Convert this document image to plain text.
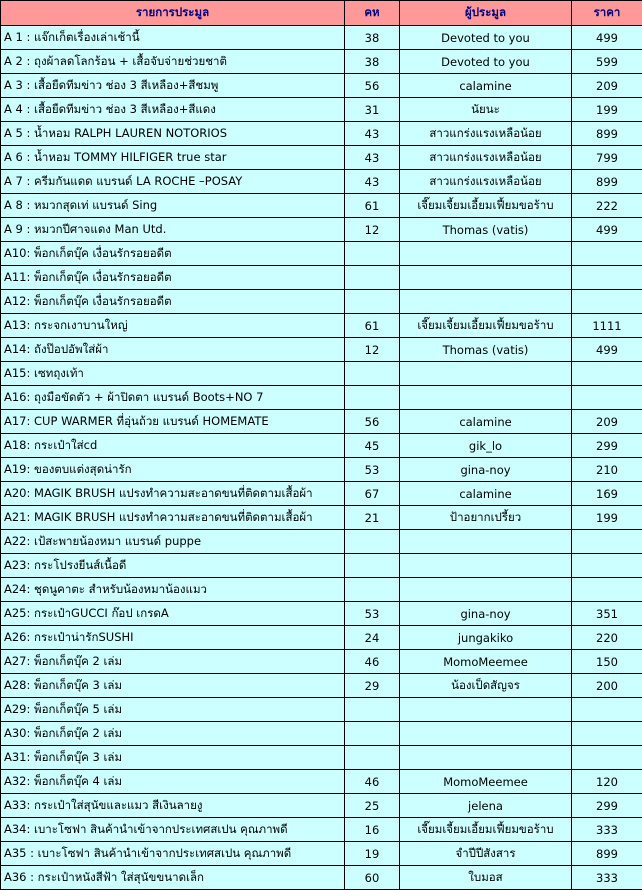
รายการประมูล	คห	ผู้ประมูล	ราคา
A 1 : แจ๊กเก็ตเรื่องเล่าเช้านี้	38	Devoted to you	499
A 2 : ถุงผ้าลดโลกร้อน + เสื้อจับจ่ายช่วยชาติ	38	Devoted to you	599
A 3 : เสื้อยืดทีมข่าว ช่อง 3 สีเหลือง+สีชมพู	56	calamine	209
A 4 : เสื้อยืดทีมข่าว ช่อง 3 สีเหลือง+สีแดง	31	นัยนะ	199
A 5 : น้ำหอม RALPH LAUREN NOTORIOS	43	สาวแกร่งแรงเหลือน้อย	899
A 6 : น้ำหอม TOMMY HILFIGER true star	43	สาวแกร่งแรงเหลือน้อย	799
A 7 : ครีมกันแดด แบรนด์ LA ROCHE –POSAY	43	สาวแกร่งแรงเหลือน้อย	899
A 8 : หมวกสุดเท่ แบรนด์ Sing	61	เจี๊ยมเจี้ยมเอี้ยมเฟี้ยมขอร้าบ	222
A 9 : หมวกปีศาจแดง Man Utd.	12	Thomas (vatis)	499
A10: พ็อกเก็ตบุ๊ค เงื่อนรักรอยอดีต			
A11: พ็อกเก็ตบุ๊ค เงื่อนรักรอยอดีต			
A12: พ็อกเก็ตบุ๊ค เงื่อนรักรอยอดีต			
A13: กระจกเงาบานใหญ่	61	เจี๊ยมเจี้ยมเอี้ยมเฟี้ยมขอร้าบ	1111
A14: ถังป๊อปอัพใส่ผ้า	12	Thomas (vatis)	499
A15: เซทถุงเท้า			
A16: ถุงมือขัดตัว + ผ้าปิดตา แบรนด์ Boots+NO 7			
A17: CUP WARMER ที่อุ่นถ้วย แบรนด์ HOMEMATE	56	calamine	209
A18: กระเป๋าใส่cd	45	gik_lo	299
A19: ของตบแต่งสุดน่ารัก	53	gina-noy	210
A20: MAGIK BRUSH แปรงทำความสะอาดขนที่ติดตามเสื้อผ้า	67	calamine	169
A21: MAGIK BRUSH แปรงทำความสะอาดขนที่ติดตามเสื้อผ้า	21	ป้าอยากเปรี้ยว	199
A22: เป้สะพายน้องหมา แบรนด์ puppe			
A23: กระโปรงยีนส์เนื้อดี			
A24: ชุดนูคาตะ สำหรับน้องหมาน้องแมว			
A25: กระเป๋าGUCCI ก๊อป เกรดA	53	gina-noy	351
A26: กระเป๋าน่ารักSUSHI	24	jungakiko	220
A27: พ็อกเก็ตบุ๊ค 2 เล่ม	46	MomoMeemee	150
A28: พ็อกเก็ตบุ๊ค 3 เล่ม	29	น้องเป็ดสัญจร	200
A29: พ็อกเก็ตบุ๊ค 5 เล่ม			
A30: พ็อกเก็ตบุ๊ค 2 เล่ม			
A31: พ็อกเก็ตบุ๊ค 3 เล่ม			
A32: พ็อกเก็ตบุ๊ค 4 เล่ม	46	MomoMeemee	120
A33: กระเป๋าใส่สุนัขและแมว สีเงินลายงู	25	jelena	299
A34: เบาะโซฟา สินค้านำเข้าจากประเทศสเปน คุณภาพดี	16	เจี๊ยมเจี้ยมเอี้ยมเฟี้ยมขอร้าบ	333
A35 : เบาะโซฟา สินค้านำเข้าจากประเทศสเปน คุณภาพดี	19	จำปีปีสังสาร	899
A36 : กระเป๋าหนังสีฟ้า ใส่สุนัขขนาดเล็ก	60	ใบมอส	333
